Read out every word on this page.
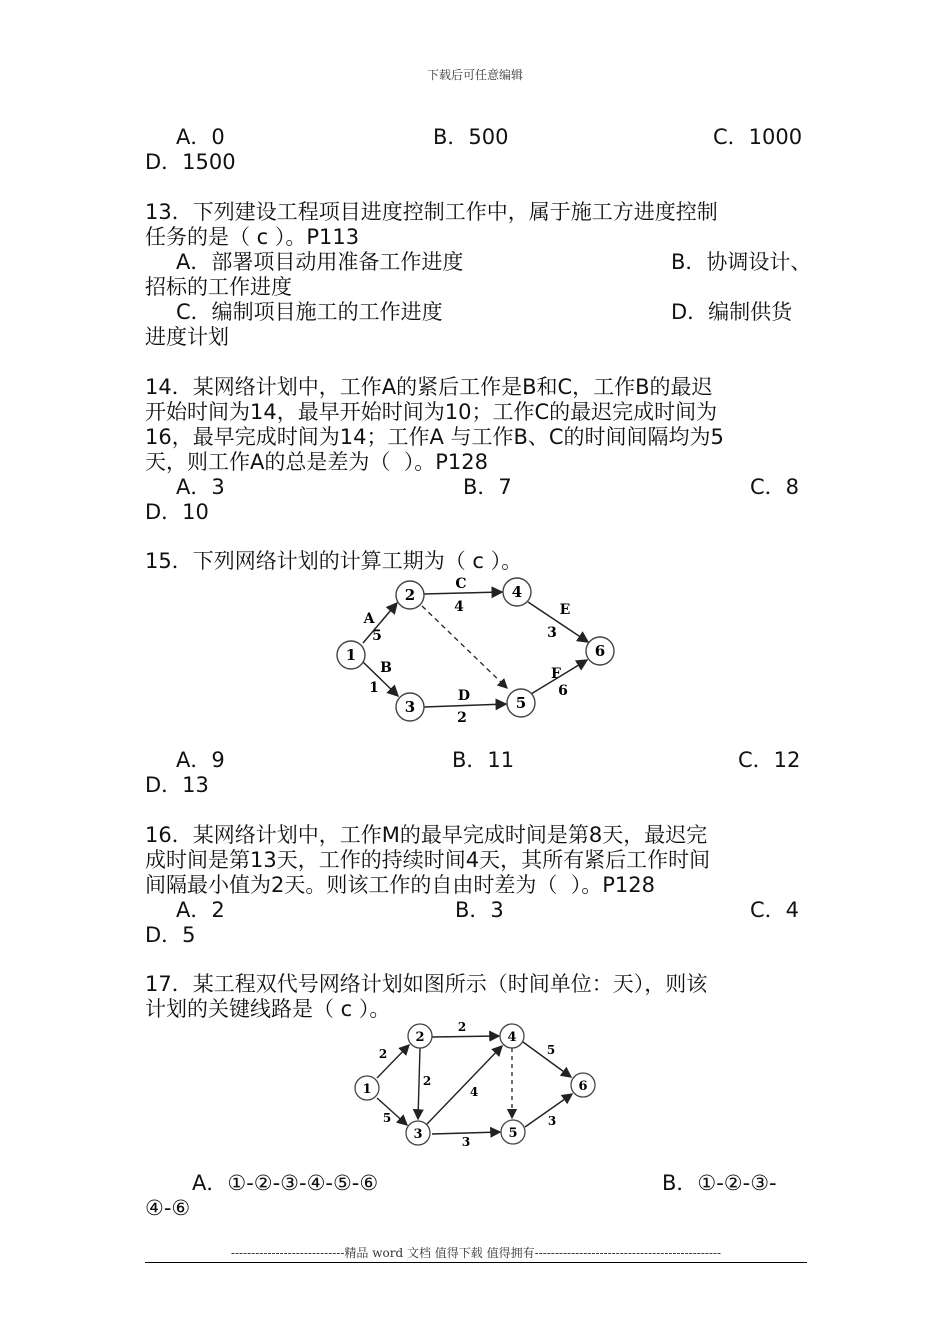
下载后可任意编辑
A．0	B．500	C．1000
D．1500
13．下列建设工程项目进度控制工作中，属于施工方进度控制
任务的是（ c ）。P113
A．部署项目动用准备工作进度	B．协调设计、
招标的工作进度
C．编制项目施工的工作进度	D．编制供货
进度计划
14．某网络计划中，工作A的紧后工作是B和C，工作B的最迟
开始时间为14，最早开始时间为10；工作C的最迟完成时间为
16，最早完成时间为14；工作A 与工作B、C的时间间隔均为5
天，则工作A的总是差为（  ）。P128
A．3	B．7	C．8
D．10
15．下列网络计划的计算工期为（ c ）。
1
2
3
4
5
6
A
5
B
1
C
4
D
2
E
3
F
6
A．9	B．11	C．12
D．13
16．某网络计划中，工作M的最早完成时间是第8天，最迟完
成时间是第13天，工作的持续时间4天，其所有紧后工作时间
间隔最小值为2天。则该工作的自由时差为（  ）。P128
A．2	B．3	C．4
D．5
17．某工程双代号网络计划如图所示（时间单位：天），则该
计划的关键线路是（ c ）。
1
2
3
4
5
6
2
5
2
2
4
3
5
3
A．①-②-③-④-⑤-⑥	B．①-②-③-
④-⑥
----------------------------精品 word 文档 值得下载 值得拥有----------------------------------------------
